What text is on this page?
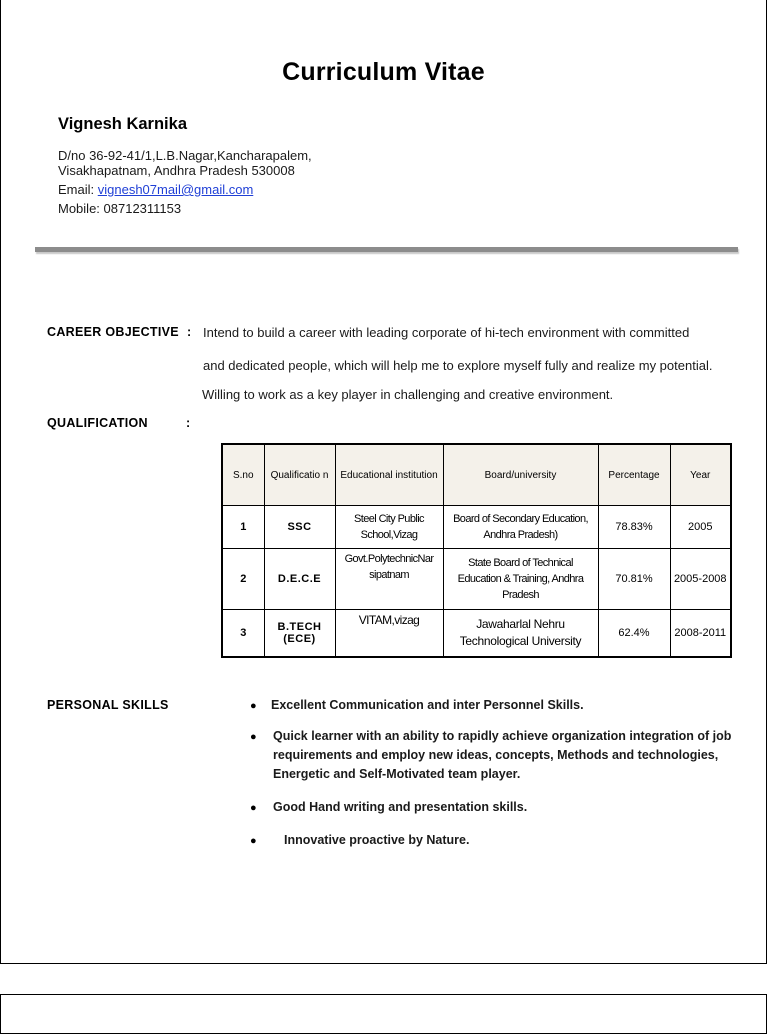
Curriculum Vitae
Vignesh Karnika
D/no 36-92-41/1,L.B.Nagar,Kancharapalem,
Visakhapatnam, Andhra Pradesh 530008
Email: vignesh07mail@gmail.com
Mobile: 08712311153
CAREER OBJECTIVE : Intend to build a career with leading corporate of hi-tech environment with committed
and dedicated people, which will help me to explore myself fully and realize my potential.
Willing to work as a key player in challenging and creative environment.
QUALIFICATION	:
S.no	Qualificatio n	Educational institution	Board/university	Percentage	Year
1	SSC	Steel City Public School,Vizag	Board of Secondary Education, Andhra Pradesh)	78.83%	2005
2	D.E.C.E	Govt.PolytechnicNar sipatnam	State Board of Technical Education & Training, Andhra Pradesh	70.81%	2005-2008
3	B.TECH (ECE)	VITAM,vizag	Jawaharlal Nehru Technological University	62.4%	2008-2011
PERSONAL SKILLS	● Excellent Communication and inter Personnel Skills.
● Quick learner with an ability to rapidly achieve organization integration of job requirements and employ new ideas, concepts, Methods and technologies, Energetic and Self-Motivated team player.
● Good Hand writing and presentation skills.
● Innovative proactive by Nature.
